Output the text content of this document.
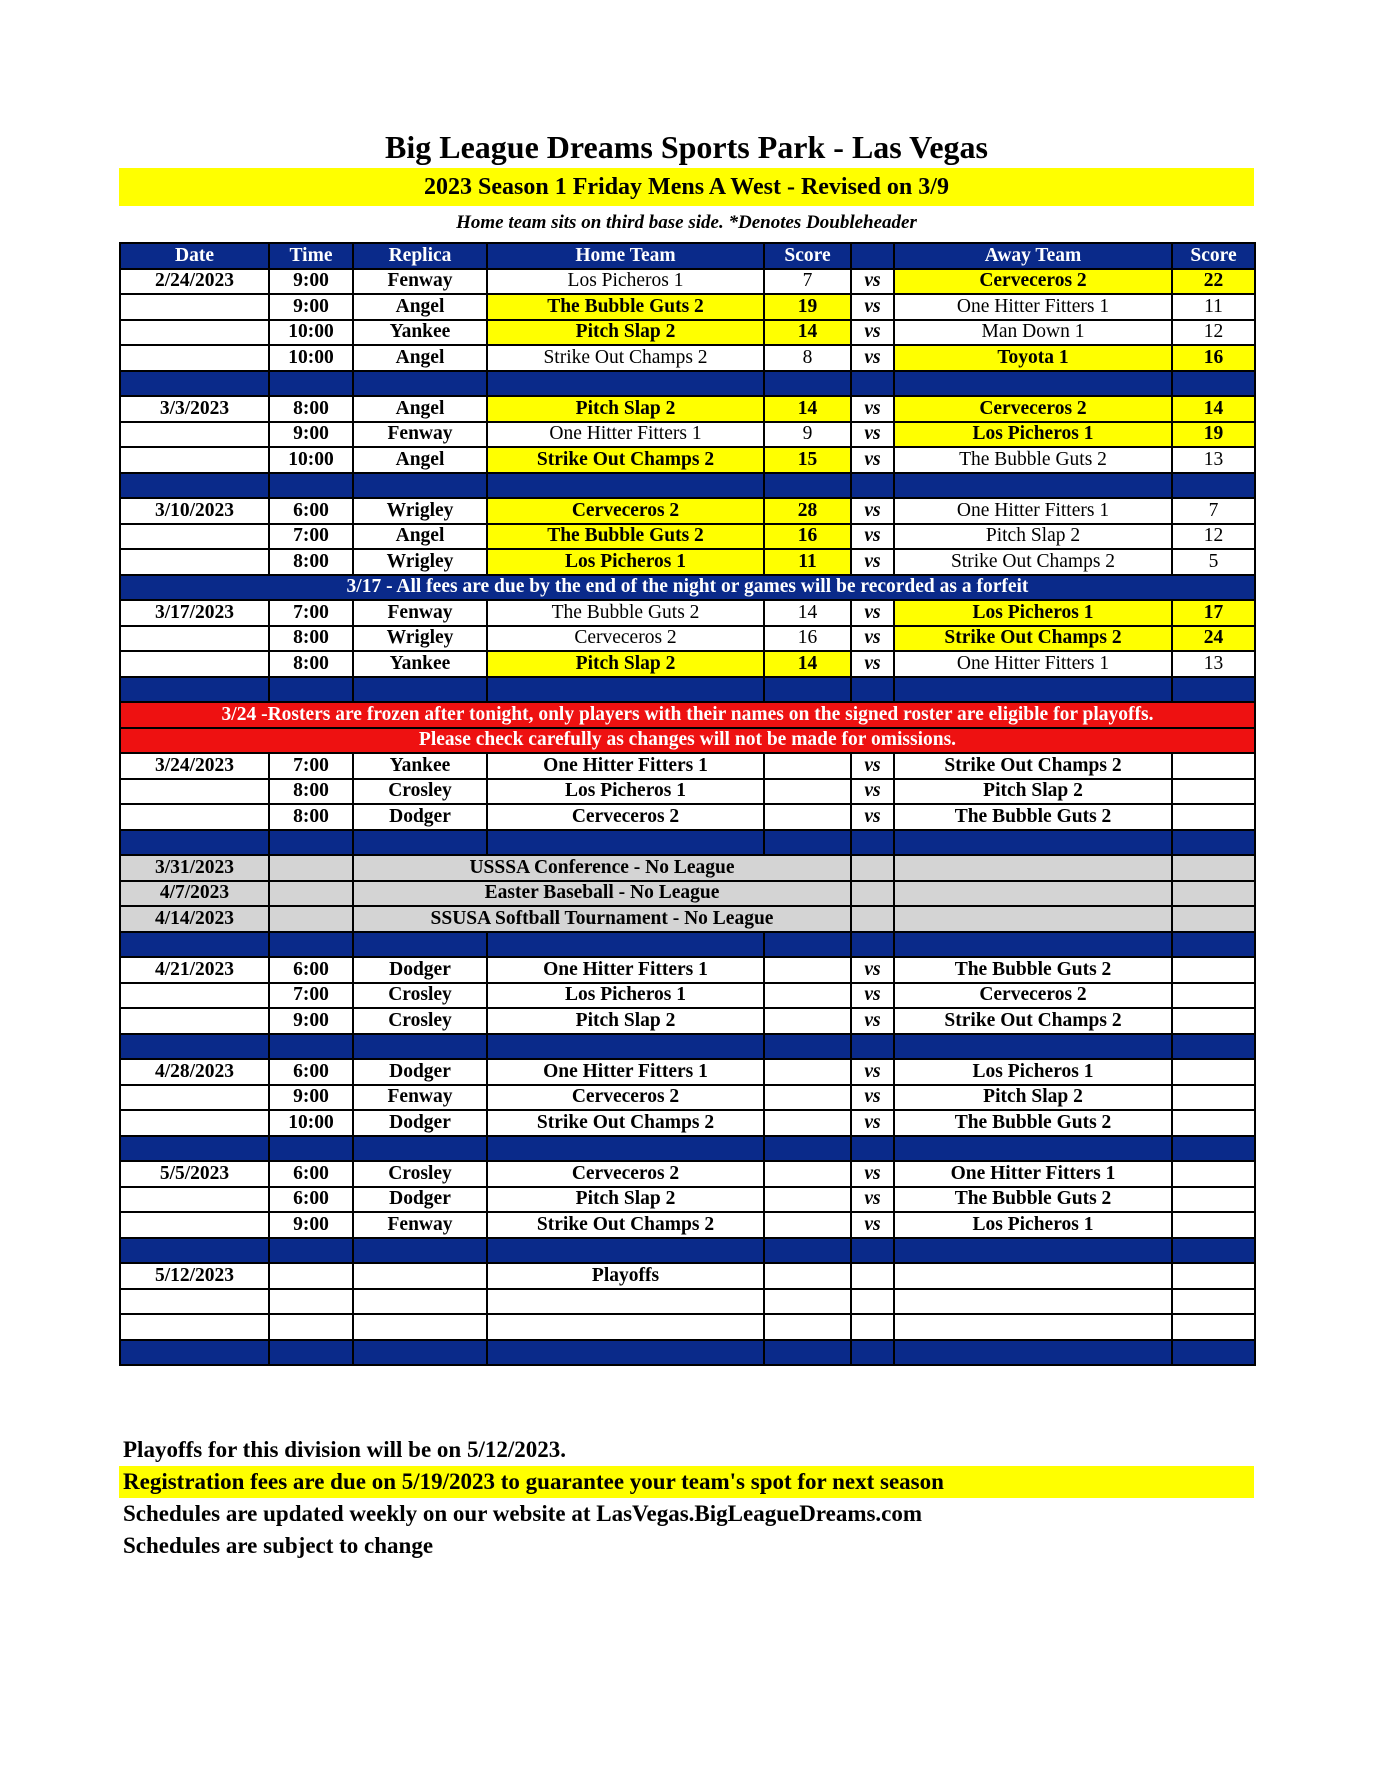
Big League Dreams Sports Park - Las Vegas
2023 Season 1 Friday Mens A West - Revised on 3/9
Home team sits on third base side. *Denotes Doubleheader
Date	Time	Replica	Home Team	Score		Away Team	Score
2/24/2023	9:00	Fenway	Los Picheros 1	7	vs	Cerveceros 2	22
	9:00	Angel	The Bubble Guts 2	19	vs	One Hitter Fitters 1	11
	10:00	Yankee	Pitch Slap 2	14	vs	Man Down 1	12
	10:00	Angel	Strike Out Champs 2	8	vs	Toyota 1	16

3/3/2023	8:00	Angel	Pitch Slap 2	14	vs	Cerveceros 2	14
	9:00	Fenway	One Hitter Fitters 1	9	vs	Los Picheros 1	19
	10:00	Angel	Strike Out Champs 2	15	vs	The Bubble Guts 2	13

3/10/2023	6:00	Wrigley	Cerveceros 2	28	vs	One Hitter Fitters 1	7
	7:00	Angel	The Bubble Guts 2	16	vs	Pitch Slap 2	12
	8:00	Wrigley	Los Picheros 1	11	vs	Strike Out Champs 2	5
3/17 - All fees are due by the end of the night or games will be recorded as a forfeit							
3/17/2023	7:00	Fenway	The Bubble Guts 2	14	vs	Los Picheros 1	17
	8:00	Wrigley	Cerveceros 2	16	vs	Strike Out Champs 2	24
	8:00	Yankee	Pitch Slap 2	14	vs	One Hitter Fitters 1	13

3/24 -Rosters are frozen after tonight, only players with their names on the signed roster are eligible for playoffs.							
Please check carefully as changes will not be made for omissions.							
3/24/2023	7:00	Yankee	One Hitter Fitters 1		vs	Strike Out Champs 2	
	8:00	Crosley	Los Picheros 1		vs	Pitch Slap 2	
	8:00	Dodger	Cerveceros 2		vs	The Bubble Guts 2	

3/31/2023		USSSA Conference - No League					
4/7/2023		Easter Baseball - No League					
4/14/2023		SSUSA Softball Tournament - No League					

4/21/2023	6:00	Dodger	One Hitter Fitters 1		vs	The Bubble Guts 2	
	7:00	Crosley	Los Picheros 1		vs	Cerveceros 2	
	9:00	Crosley	Pitch Slap 2		vs	Strike Out Champs 2	

4/28/2023	6:00	Dodger	One Hitter Fitters 1		vs	Los Picheros 1	
	9:00	Fenway	Cerveceros 2		vs	Pitch Slap 2	
	10:00	Dodger	Strike Out Champs 2		vs	The Bubble Guts 2	

5/5/2023	6:00	Crosley	Cerveceros 2		vs	One Hitter Fitters 1	
	6:00	Dodger	Pitch Slap 2		vs	The Bubble Guts 2	
	9:00	Fenway	Strike Out Champs 2		vs	Los Picheros 1	

5/12/2023			Playoffs				

Playoffs for this division will be on 5/12/2023.
Registration fees are due on 5/19/2023 to guarantee your team's spot for next season
Schedules are updated weekly on our website at LasVegas.BigLeagueDreams.com
Schedules are subject to change
